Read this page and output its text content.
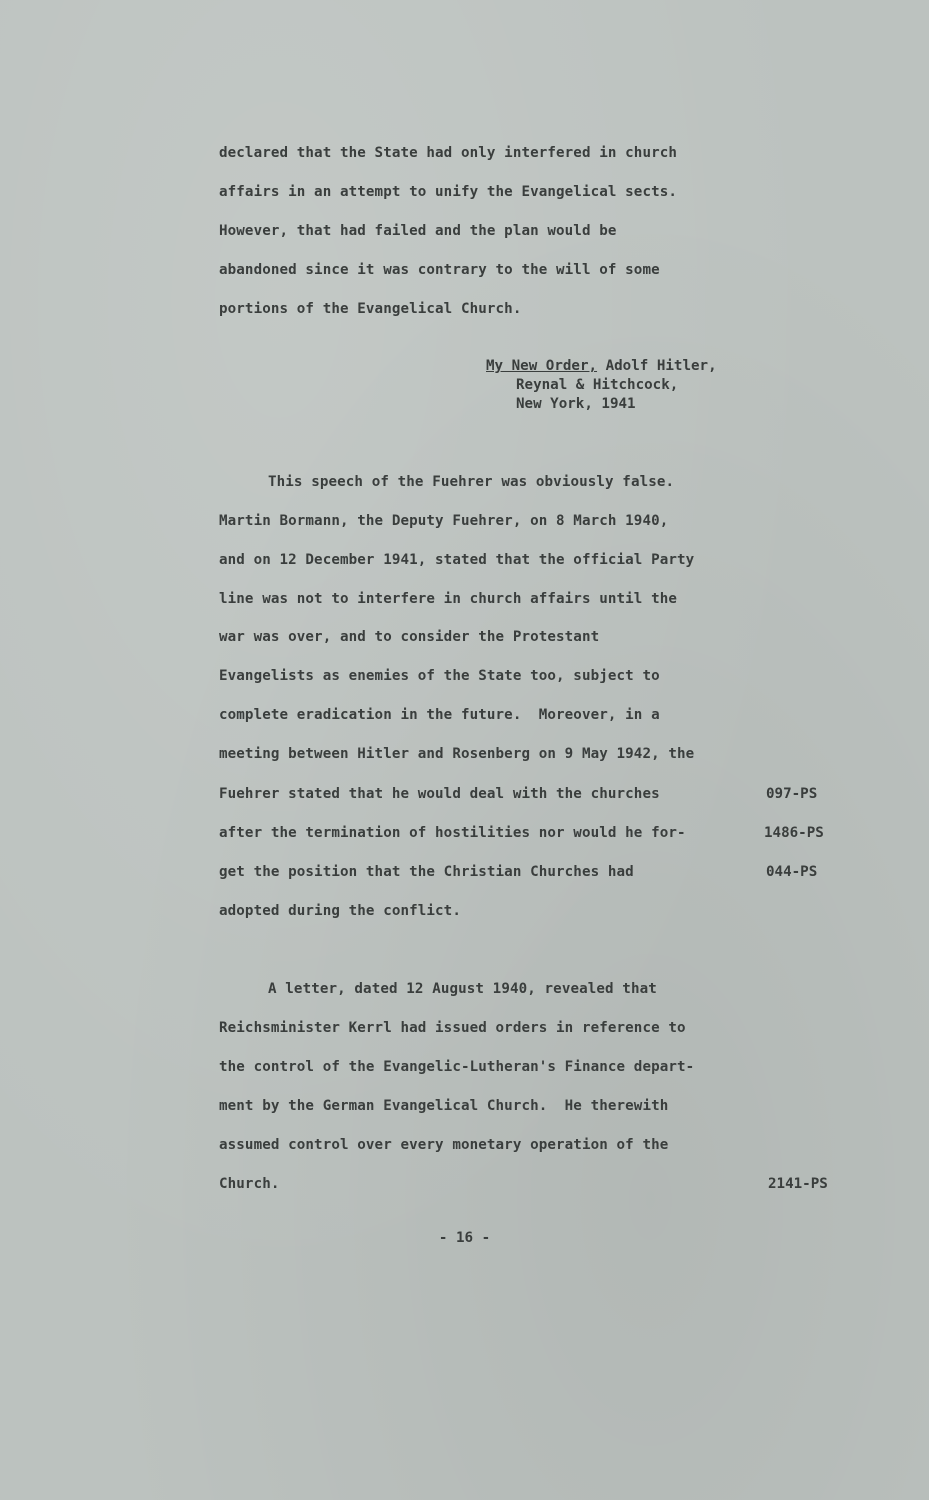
declared that the State had only interfered in church
affairs in an attempt to unify the Evangelical sects.
However, that had failed and the plan would be
abandoned since it was contrary to the will of some
portions of the Evangelical Church.
My New Order, Adolf Hitler,
Reynal & Hitchcock,
New York, 1941
This speech of the Fuehrer was obviously false.
Martin Bormann, the Deputy Fuehrer, on 8 March 1940,
and on 12 December 1941, stated that the official Party
line was not to interfere in church affairs until the
war was over, and to consider the Protestant
Evangelists as enemies of the State too, subject to
complete eradication in the future.  Moreover, in a
meeting between Hitler and Rosenberg on 9 May 1942, the
Fuehrer stated that he would deal with the churches
after the termination of hostilities nor would he for-
get the position that the Christian Churches had
adopted during the conflict.
097-PS
1486-PS
044-PS
A letter, dated 12 August 1940, revealed that
Reichsminister Kerrl had issued orders in reference to
the control of the Evangelic-Lutheran's Finance depart-
ment by the German Evangelical Church.  He therewith
assumed control over every monetary operation of the
Church.	2141-PS
- 16 -
